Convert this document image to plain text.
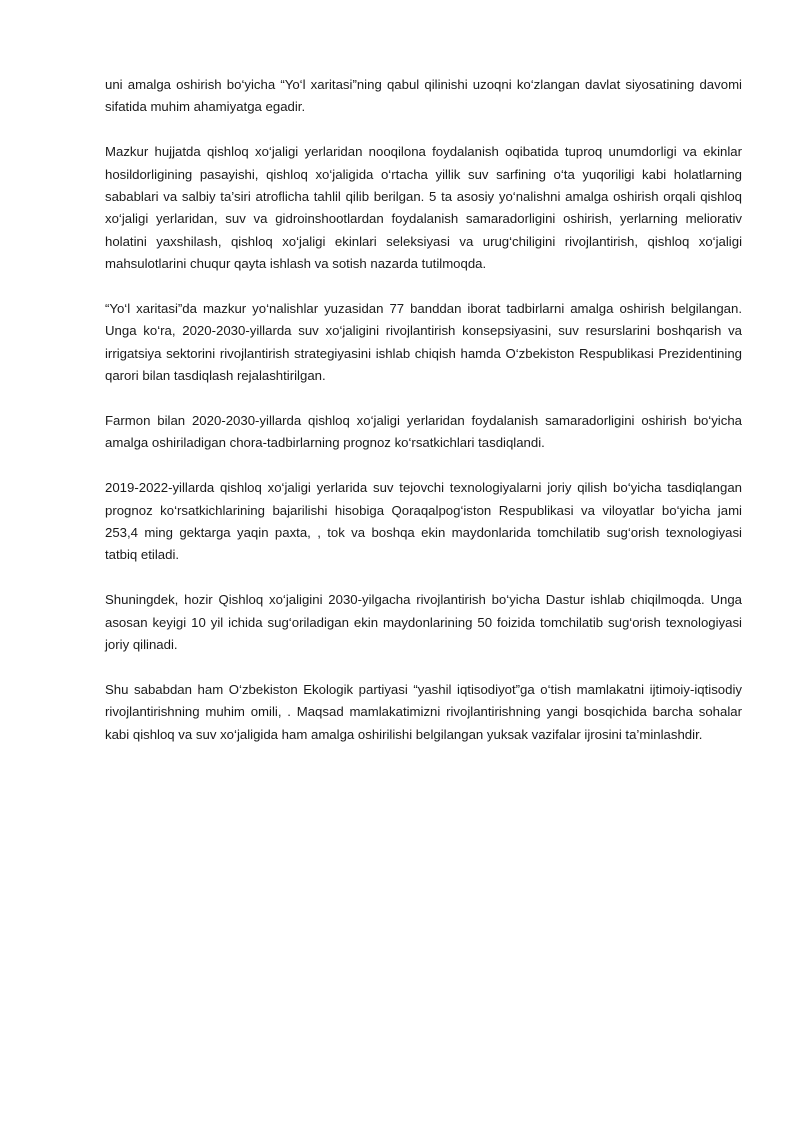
uni amalga oshirish bo‘yicha “Yo‘l xaritasi”ning qabul qilinishi uzoqni ko‘zlangan davlat siyosatining davomi sifatida muhim ahamiyatga egadir.

Mazkur hujjatda qishloq xo‘jaligi yerlaridan nooqilona foydalanish oqibatida tuproq unumdorligi va ekinlar hosildorligining pasayishi, qishloq xo‘jaligida o‘rtacha yillik suv sarfining o‘ta yuqoriligi kabi holatlarning sabablari va salbiy ta’siri atroflicha tahlil qilib berilgan. 5 ta asosiy yo‘nalishni amalga oshirish orqali qishloq xo‘jaligi yerlaridan, suv va gidroinshootlardan foydalanish samaradorligini oshirish, yerlarning meliorativ holatini yaxshilash, qishloq xo‘jaligi ekinlari seleksiyasi va urug‘chiligini rivojlantirish, qishloq xo‘jaligi mahsulotlarini chuqur qayta ishlash va sotish nazarda tutilmoqda.

“Yo‘l xaritasi”da mazkur yo‘nalishlar yuzasidan 77 banddan iborat tadbirlarni amalga oshirish belgilangan. Unga ko‘ra, 2020-2030-yillarda suv xo‘jaligini rivojlantirish konsepsiyasini, suv resurslarini boshqarish va irrigatsiya sektorini rivojlantirish strategiyasini ishlab chiqish hamda O‘zbekiston Respublikasi Prezidentining qarori bilan tasdiqlash rejalashtirilgan.

Farmon bilan 2020-2030-yillarda qishloq xo‘jaligi yerlaridan foydalanish samaradorligini oshirish bo‘yicha amalga oshiriladigan chora-tadbirlarning prognoz ko‘rsatkichlari tasdiqlandi.

2019-2022-yillarda qishloq xo‘jaligi yerlarida suv tejovchi texnologiyalarni joriy qilish bo‘yicha tasdiqlangan prognoz ko‘rsatkichlarining bajarilishi hisobiga Qoraqalpog‘iston Respublikasi va viloyatlar bo‘yicha jami 253,4 ming gektarga yaqin paxta, , tok va boshqa ekin maydonlarida tomchilatib sug‘orish texnologiyasi tatbiq etiladi.

Shuningdek, hozir Qishloq xo‘jaligini 2030-yilgacha rivojlantirish bo‘yicha Dastur ishlab chiqilmoqda. Unga asosan keyigi 10 yil ichida sug‘oriladigan ekin maydonlarining 50 foizida tomchilatib sug‘orish texnologiyasi joriy qilinadi.

Shu sababdan ham O‘zbekiston Ekologik partiyasi “yashil iqtisodiyot”ga o‘tish mamlakatni ijtimoiy-iqtisodiy rivojlantirishning muhim omili, . Maqsad mamlakatimizni rivojlantirishning yangi bosqichida barcha sohalar kabi qishloq va suv xo‘jaligida ham amalga oshirilishi belgilangan yuksak vazifalar ijrosini ta’minlashdir.
